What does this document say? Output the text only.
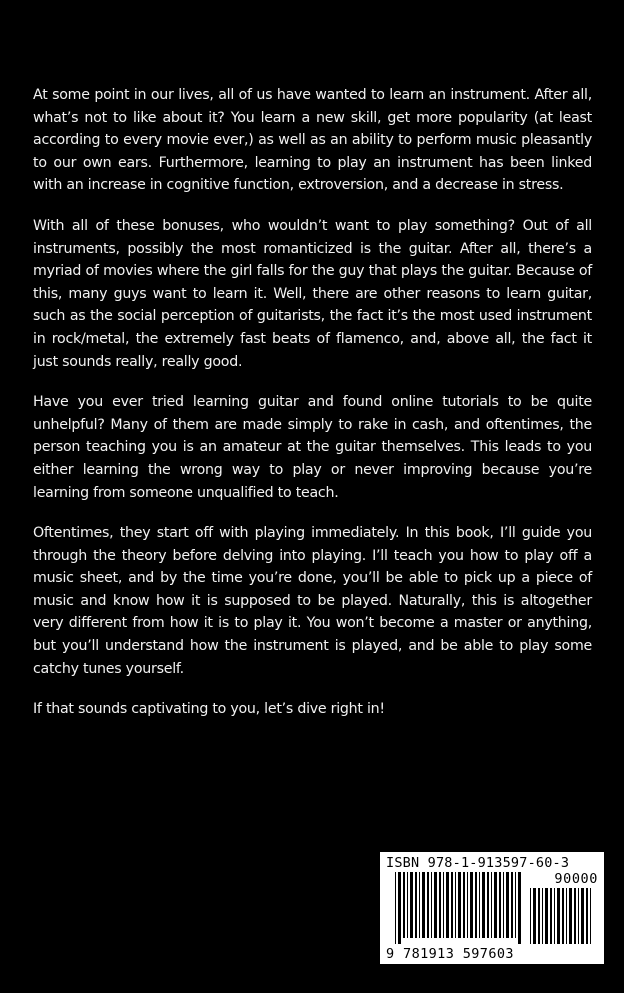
At some point in our lives, all of us have wanted to learn an instrument. After all, what’s not to like about it? You learn a new skill, get more popularity (at least according to every movie ever,) as well as an ability to perform music pleasantly to our own ears. Furthermore, learning to play an instrument has been linked with an increase in cognitive function, extroversion, and a decrease in stress.

With all of these bonuses, who wouldn’t want to play something? Out of all instruments, possibly the most romanticized is the guitar. After all, there’s a myriad of movies where the girl falls for the guy that plays the guitar. Because of this, many guys want to learn it. Well, there are other reasons to learn guitar, such as the social perception of guitarists, the fact it’s the most used instrument in rock/metal, the extremely fast beats of flamenco, and, above all, the fact it just sounds really, really good.

Have you ever tried learning guitar and found online tutorials to be quite unhelpful? Many of them are made simply to rake in cash, and oftentimes, the person teaching you is an amateur at the guitar themselves. This leads to you either learning the wrong way to play or never improving because you’re learning from someone unqualified to teach.

Oftentimes, they start off with playing immediately. In this book, I’ll guide you through the theory before delving into playing. I’ll teach you how to play off a music sheet, and by the time you’re done, you’ll be able to pick up a piece of music and know how it is supposed to be played. Naturally, this is altogether very different from how it is to play it. You won’t become a master or anything, but you’ll understand how the instrument is played, and be able to play some catchy tunes yourself.

If that sounds captivating to you, let’s dive right in!

ISBN 978-1-913597-60-3
90000
9 781913 597603
